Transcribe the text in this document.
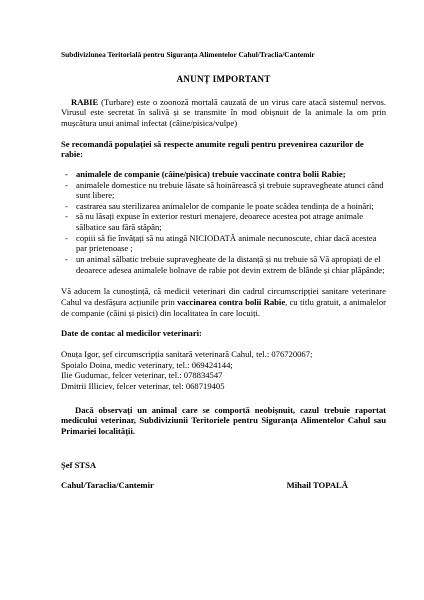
Subdiviziunea Teritorială pentru Siguranța Alimentelor Cahul/Traclia/Cantemir

ANUNȚ IMPORTANT

RABIE (Turbare) este o zoonoză mortală cauzată de un virus care atacă sistemul nervos. Virusul este secretat în salivă și se transmite în mod obișnuit de la animale la om prin mușcătura unui animal infectat (câine/pisica/vulpe)

Se recomandă populației să respecte anumite reguli pentru prevenirea cazurilor de rabie:

- animalele de companie (câine/pisica) trebuie vaccinate contra bolii Rabie;
- animalele domestice nu trebuie lăsate să hoinărească și trebuie supravegheate atunci când sunt libere;
- castrarea sau sterilizarea animalelor de companie le poate scădea tendința de a hoinări;
- să nu lăsați expuse în exterior resturi menajere, deoarece acestea pot atrage animale sălbatice sau fără stăpân;
- copiii să fie învățați să nu atingă NICIODATĂ animale necunoscute, chiar dacă acestea par prietenoase ;
- un animal sălbatic trebuie supravegheate de la distanță și nu trebuie să Vă apropiați de el deoarece adesea animalele bolnave de rabie pot devin extrem de blânde și chiar plăpânde;

Vă aducem la cunoștință, că medicii veterinari din cadrul circumscripției sanitare veterinare Cahul va desfășura acțiunile prin vaccinarea contra bolii Rabie, cu titlu gratuit, a animalelor de companie (câini și pisici) din localitatea în care locuiți.

Date de contac al medicilor veterinari:

Onuța Igor, șef circumscripția sanitară veterinară Cahul, tel.: 076720067;

Spoialo Doina, medic veterinary, tel.: 069424144;

Ilie Gudumac, felcer veterinar, tel.: 078834547

Dmitrii Illiciev, felcer veterinar, tel: 068719405

Dacă observați un animal care se comportă neobișnuit, cazul trebuie raportat medicului veterinar, Subdiviziunii Teritoriele pentru Siguranța Alimentelor Cahul sau Primariei localității.

Șef STSA
Cahul/Taraclia/Cantemir	Mihail TOPALĂ
